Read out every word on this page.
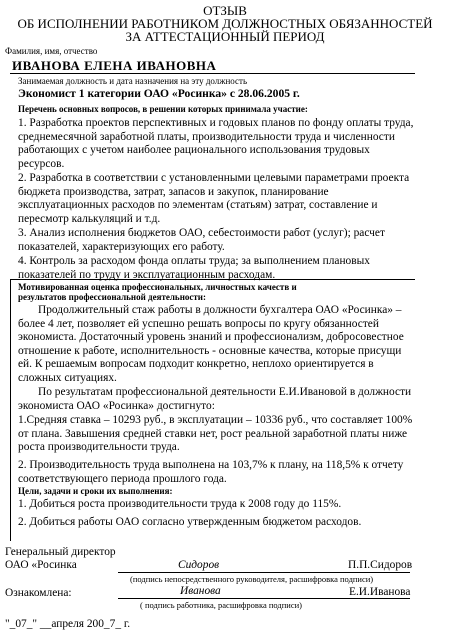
ОТЗЫВ
ОБ ИСПОЛНЕНИИ РАБОТНИКОМ ДОЛЖНОСТНЫХ ОБЯЗАННОСТЕЙ
ЗА АТТЕСТАЦИОННЫЙ ПЕРИОД
Фамилия, имя, отчество
ИВАНОВА ЕЛЕНА ИВАНОВНА
Занимаемая должность и дата назначения на эту должность
Экономист 1 категории ОАО «Росинка» с 28.06.2005 г.
Перечень основных вопросов, в решении которых принимала участие:
1. Разработка проектов перспективных и годовых планов по фонду оплаты труда, среднемесячной заработной платы, производительности труда и численности работающих с учетом наиболее рационального использования трудовых ресурсов.
2. Разработка в соответствии с установленными целевыми параметрами проекта бюджета производства, затрат, запасов и закупок, планирование эксплуатационных расходов по элементам (статьям) затрат, составление и пересмотр калькуляций и т.д.
3. Анализ исполнения бюджетов ОАО, себестоимости работ (услуг); расчет показателей, характеризующих его работу.
4. Контроль за расходом фонда оплаты труда; за выполнением плановых показателей по труду и эксплуатационным расходам.
Мотивированная оценка профессиональных, личностных качеств и
результатов профессиональной деятельности:
Продолжительный стаж работы в должности бухгалтера ОАО «Росинка» – более 4 лет, позволяет ей успешно решать вопросы по кругу обязанностей экономиста. Достаточный уровень знаний и профессионализм, добросовестное отношение к работе, исполнительность - основные качества, которые присущи ей. К решаемым вопросам подходит конкретно, неплохо ориентируется в сложных ситуациях.
По результатам профессиональной деятельности Е.И.Ивановой в должности экономиста ОАО «Росинка» достигнуто:
1.Средняя ставка – 10293 руб., в эксплуатации – 10336 руб., что составляет 100% от плана. Завышения средней ставки нет, рост реальной заработной платы ниже роста производительности труда.
2. Производительность труда выполнена на 103,7% к плану, на 118,5% к отчету соответствующего периода прошлого года.
Цели, задачи и сроки их выполнения:
1. Добиться роста производительности труда к 2008 году до 115%.
2. Добиться работы ОАО согласно утвержденным бюджетом расходов.
Генеральный директор
ОАО «Росинка	Сидоров	П.П.Сидоров
(подпись непосредственного руководителя, расшифровка подписи)
Ознакомлена:	Иванова	Е.И.Иванова
( подпись работника, расшифровка подписи)
"_07_" __апреля 200_7_ г.
